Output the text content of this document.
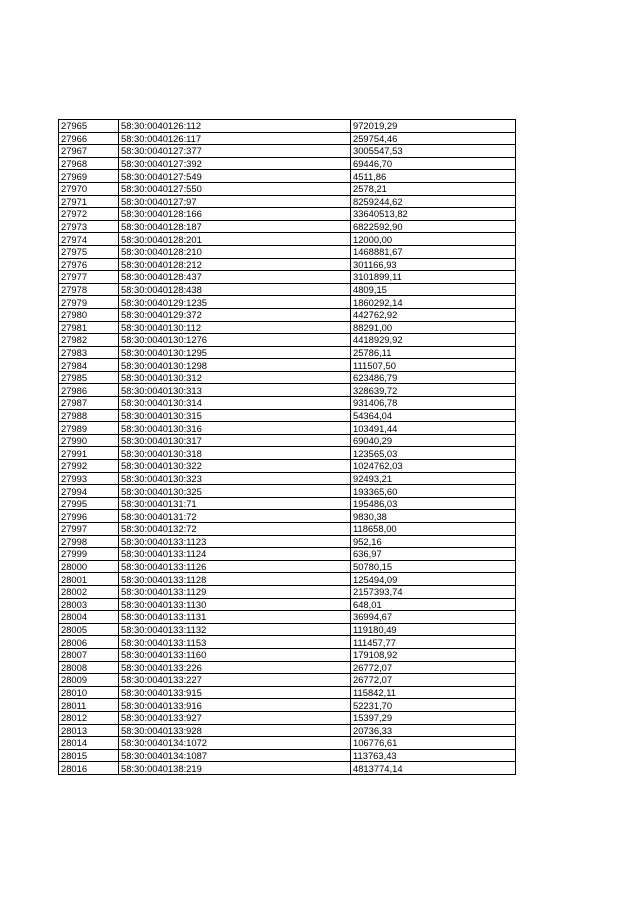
27965	58:30:0040126:112	972019,29
27966	58:30:0040126:117	259754,46
27967	58:30:0040127:377	3005547,53
27968	58:30:0040127:392	69446,70
27969	58:30:0040127:549	4511,86
27970	58:30:0040127:550	2578,21
27971	58:30:0040127:97	8259244,62
27972	58:30:0040128:166	33640513,82
27973	58:30:0040128:187	6822592,90
27974	58:30:0040128:201	12000,00
27975	58:30:0040128:210	1468881,67
27976	58:30:0040128:212	301166,93
27977	58:30:0040128:437	3101899,11
27978	58:30:0040128:438	4809,15
27979	58:30:0040129:1235	1860292,14
27980	58:30:0040129:372	442762,92
27981	58:30:0040130:112	88291,00
27982	58:30:0040130:1276	4418929,92
27983	58:30:0040130:1295	25786,11
27984	58:30:0040130:1298	111507,50
27985	58:30:0040130:312	623486,79
27986	58:30:0040130:313	328639,72
27987	58:30:0040130:314	931406,78
27988	58:30:0040130:315	54364,04
27989	58:30:0040130:316	103491,44
27990	58:30:0040130:317	69040,29
27991	58:30:0040130:318	123565,03
27992	58:30:0040130:322	1024762,03
27993	58:30:0040130:323	92493,21
27994	58:30:0040130:325	193365,60
27995	58:30:0040131:71	195486,03
27996	58:30:0040131:72	9830,38
27997	58:30:0040132:72	118658,00
27998	58:30:0040133:1123	952,16
27999	58:30:0040133:1124	636,97
28000	58:30:0040133:1126	50780,15
28001	58:30:0040133:1128	125494,09
28002	58:30:0040133:1129	2157393,74
28003	58:30:0040133:1130	648,01
28004	58:30:0040133:1131	36994,67
28005	58:30:0040133:1132	119180,49
28006	58:30:0040133:1153	111457,77
28007	58:30:0040133:1160	179108,92
28008	58:30:0040133:226	26772,07
28009	58:30:0040133:227	26772,07
28010	58:30:0040133:915	115842,11
28011	58:30:0040133:916	52231,70
28012	58:30:0040133:927	15397,29
28013	58:30:0040133:928	20736,33
28014	58:30:0040134:1072	106776,61
28015	58:30:0040134:1087	113763,43
28016	58:30:0040138:219	4813774,14
